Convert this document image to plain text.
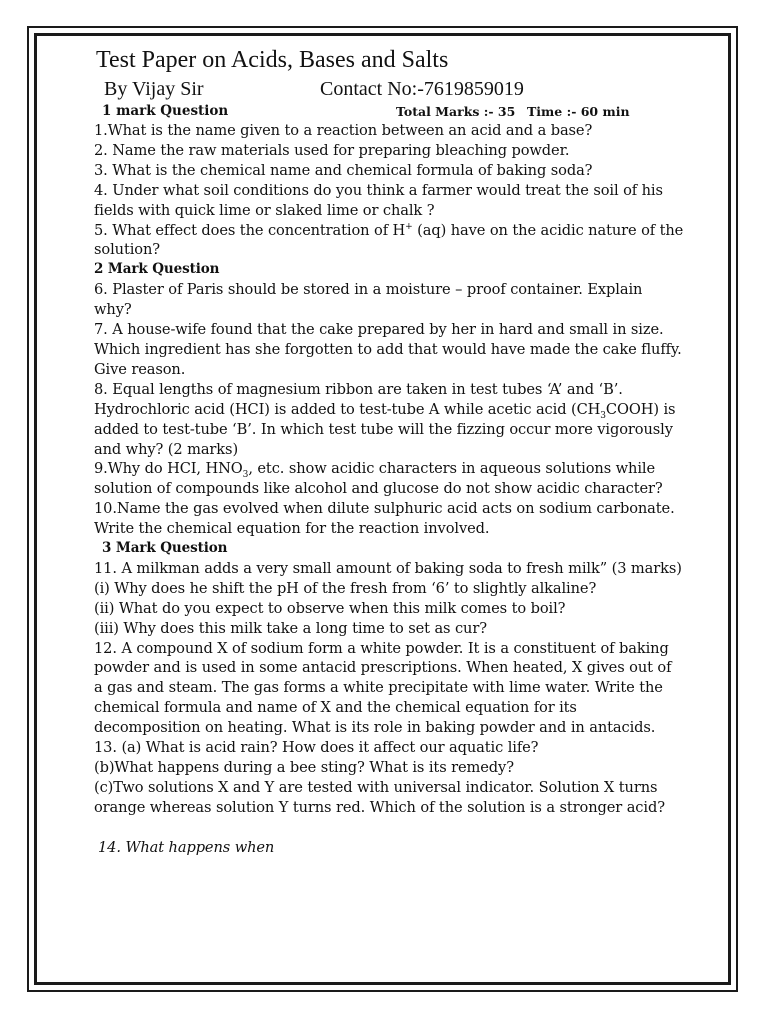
Test Paper on Acids, Bases and Salts
By Vijay Sir	Contact No:-7619859019
1 mark Question	Total Marks :- 35 Time :- 60 min

1.What is the name given to a reaction between an acid and a base?

2. Name the raw materials used for preparing bleaching powder.

3. What is the chemical name and chemical formula of baking soda?

4. Under what soil conditions do you think a farmer would treat the soil of his fields with quick lime or slaked lime or chalk ?

5. What effect does the concentration of H+ (aq) have on the acidic nature of the solution?

2 Mark Question

6. Plaster of Paris should be stored in a moisture – proof container. Explain why?

7. A house-wife found that the cake prepared by her in hard and small in size. Which ingredient has she forgotten to add that would have made the cake fluffy. Give reason.

8. Equal lengths of magnesium ribbon are taken in test tubes ‘A’ and ‘B’. Hydrochloric acid (HCI) is added to test-tube A while acetic acid $(CH_3COOH)$ is added to test-tube ‘B’. In which test tube will the fizzing occur more vigorously and why? (2 marks)

9.Why do HCI, $HNO_3$, etc. show acidic characters in aqueous solutions while solution of compounds like alcohol and glucose do not show acidic character?

10.Name the gas evolved when dilute sulphuric acid acts on sodium carbonate. Write the chemical equation for the reaction involved.

3 Mark Question

11. A milkman adds a very small amount of baking soda to fresh milk” (3 marks)

(i) Why does he shift the pH of the fresh from ‘6’ to slightly alkaline?

(ii) What do you expect to observe when this milk comes to boil?

(iii) Why does this milk take a long time to set as cur?

12. A compound X of sodium form a white powder. It is a constituent of baking powder and is used in some antacid prescriptions. When heated, X gives out of a gas and steam. The gas forms a white precipitate with lime water. Write the chemical formula and name of X and the chemical equation for its decomposition on heating. What is its role in baking powder and in antacids.

13. (a) What is acid rain? How does it affect our aquatic life?

(b)What happens during a bee sting? What is its remedy?

(c)Two solutions X and Y are tested with universal indicator. Solution X turns orange whereas solution Y turns red. Which of the solution is a stronger acid?

14. What happens when
